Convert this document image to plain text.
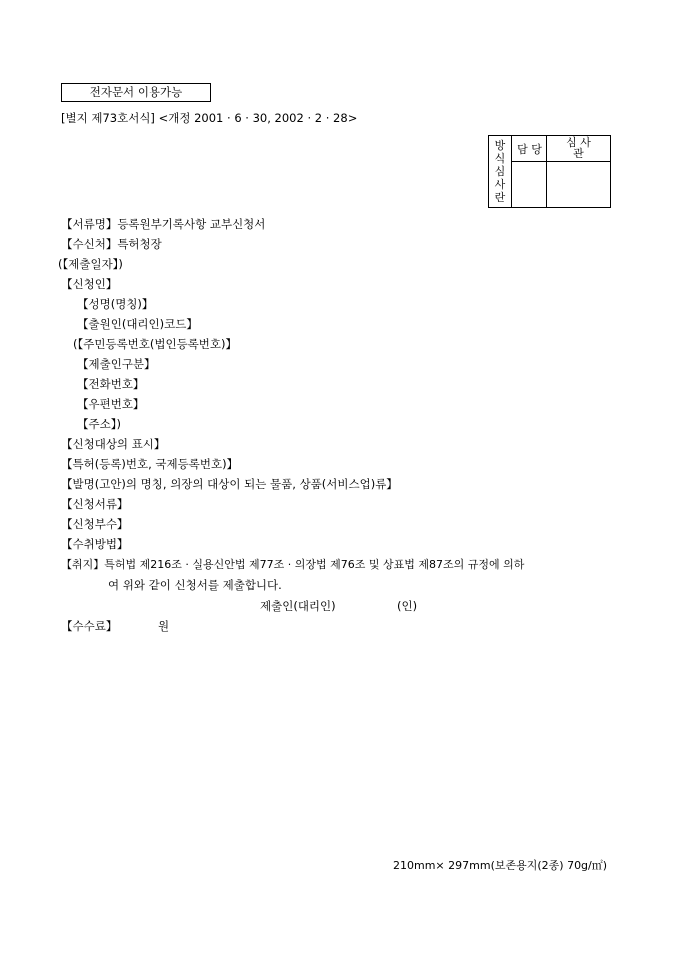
전자문서 이용가능
[별지 제73호서식] <개정 2001 · 6 · 30, 2002 · 2 · 28>
방
식
심
사
란
담 당
심 사
관
【서류명】등록원부기록사항 교부신청서
【수신처】특허청장
(【제출일자】)
【신청인】
【성명(명칭)】
【출원인(대리인)코드】
(【주민등록번호(법인등록번호)】
【제출인구분】
【전화번호】
【우편번호】
【주소】)
【신청대상의 표시】
【특허(등록)번호, 국제등록번호)】
【발명(고안)의 명칭, 의장의 대상이 되는 물품, 상품(서비스업)류】
【신청서류】
【신청부수】
【수취방법】
【취지】특허법 제216조 · 실용신안법 제77조 · 의장법 제76조 및 상표법 제87조의 규정에 의하
여 위와 같이 신청서를 제출합니다.
제출인(대리인)	(인)
【수수료】	원
210mm× 297mm(보존용지(2종) 70g/㎡)
